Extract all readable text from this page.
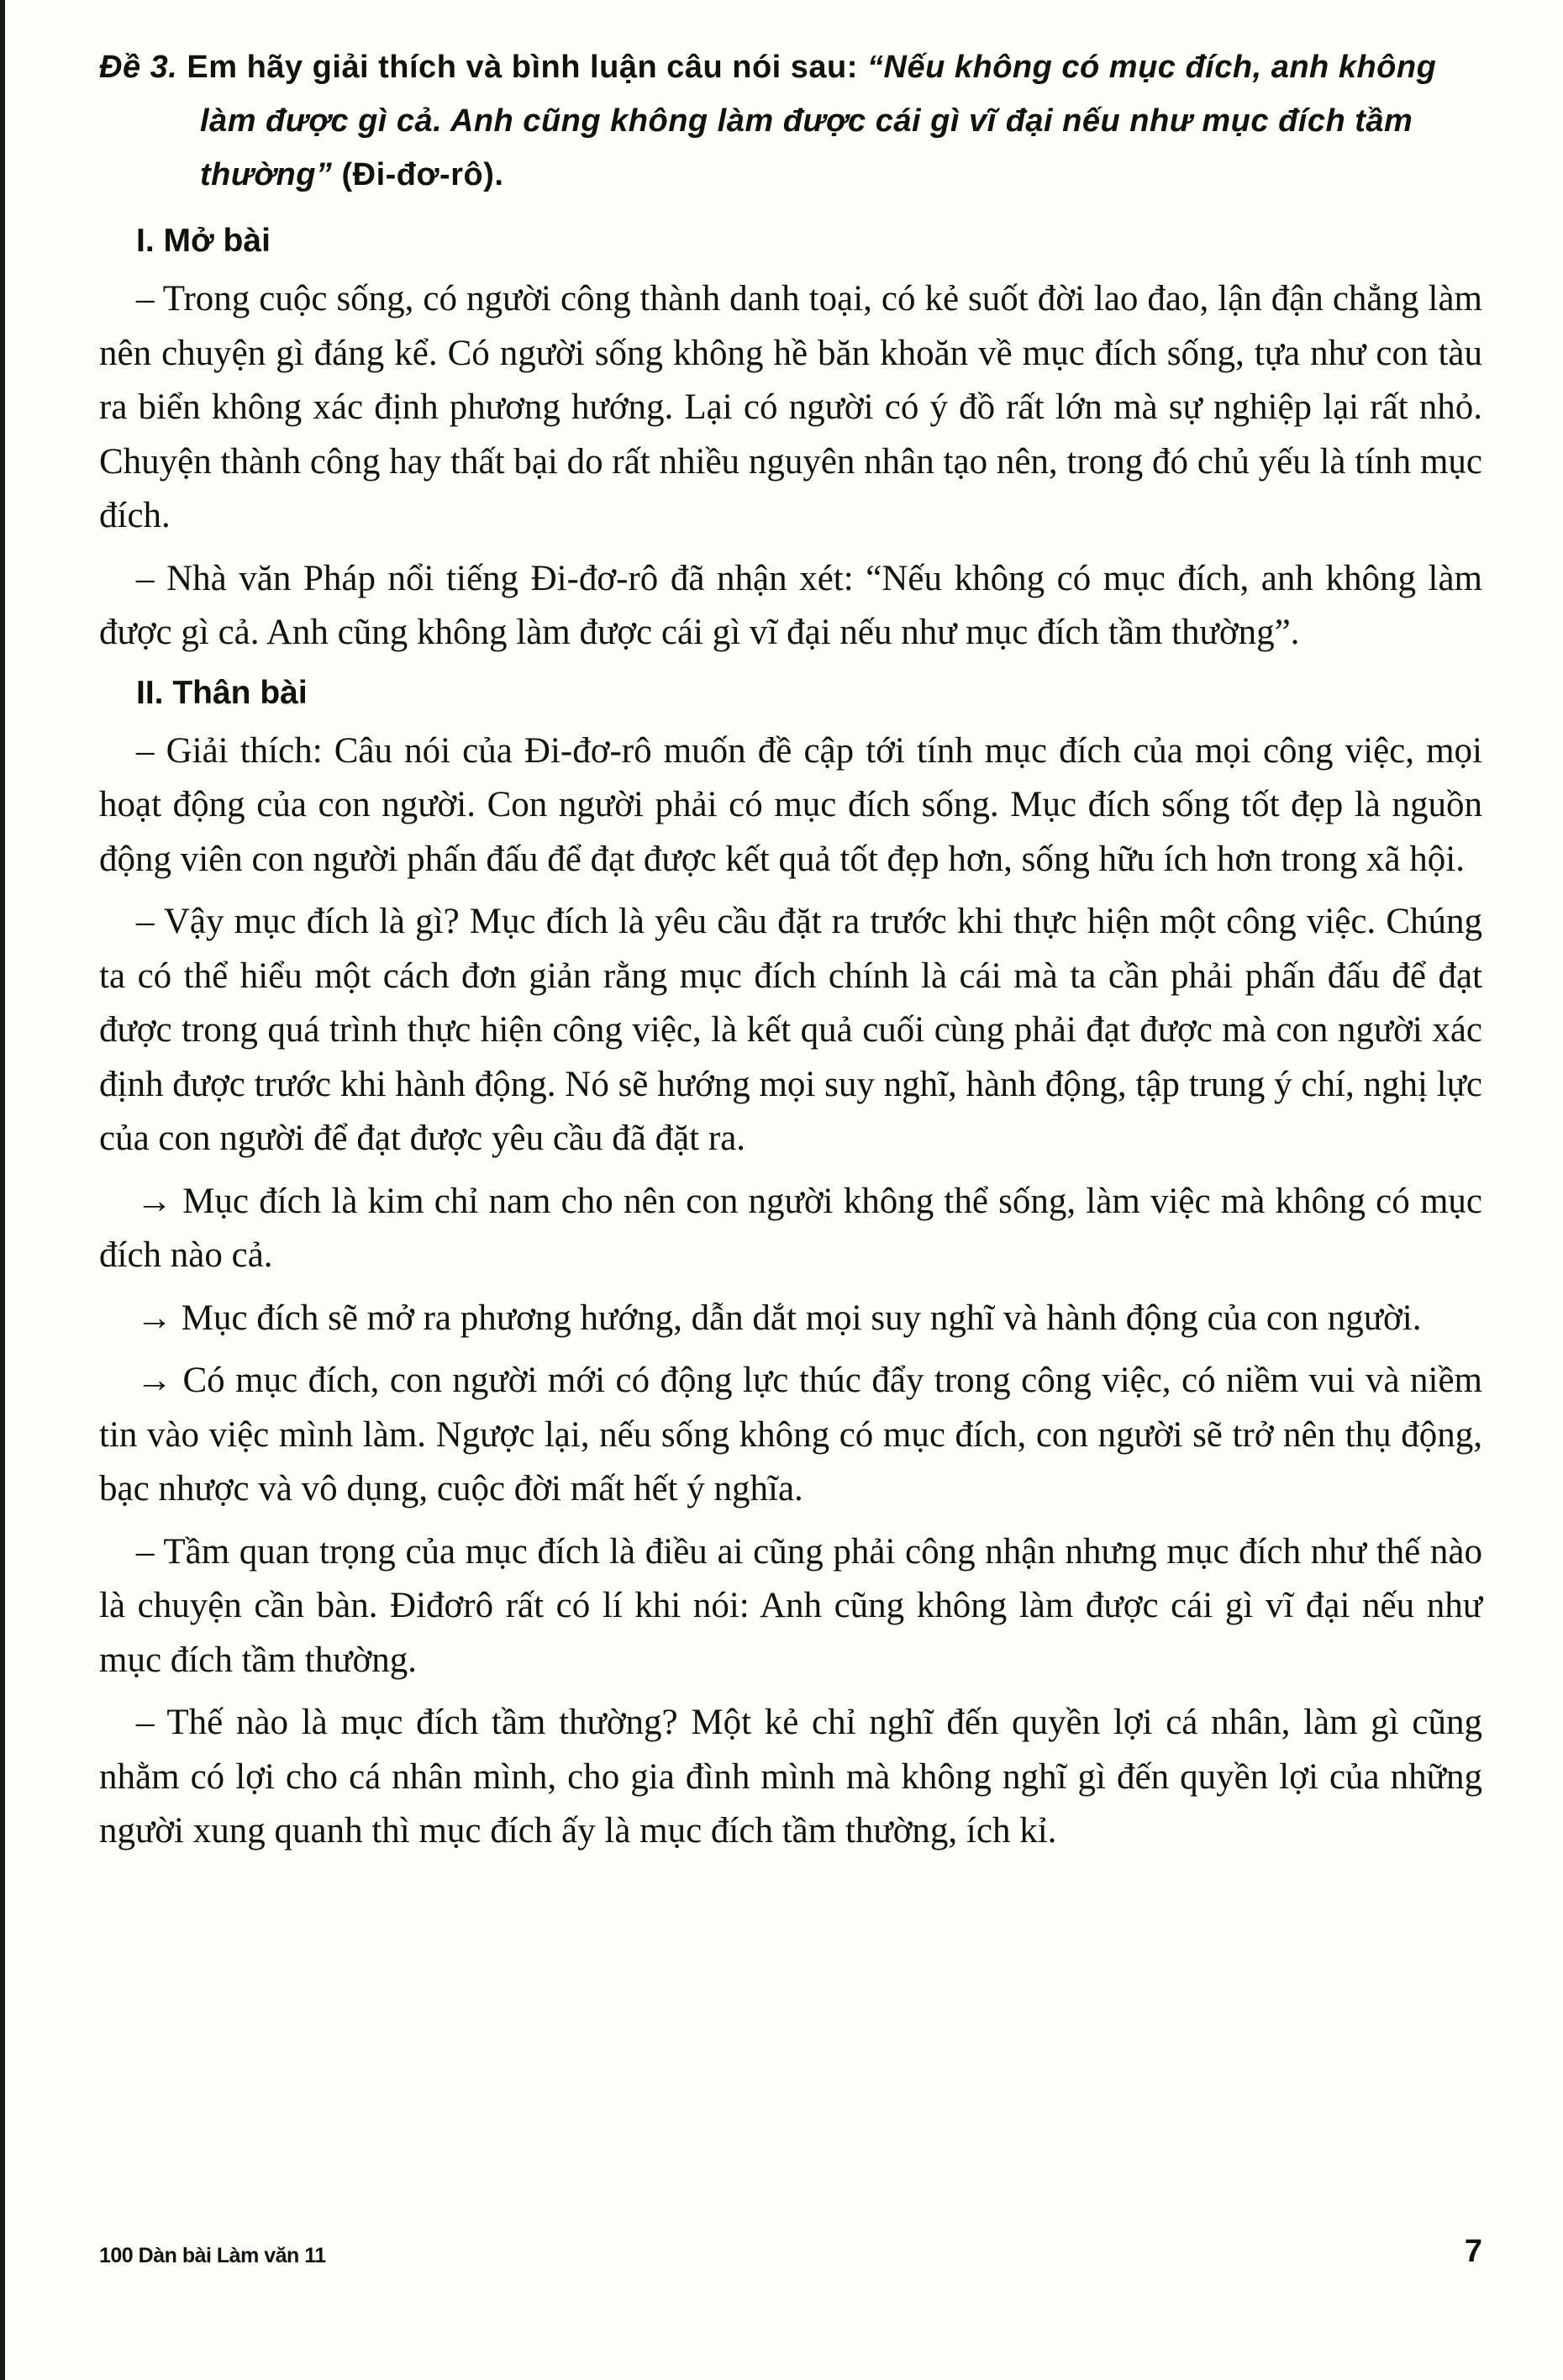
Đề 3. Em hãy giải thích và bình luận câu nói sau: “Nếu không có mục đích, anh không làm được gì cả. Anh cũng không làm được cái gì vĩ đại nếu như mục đích tầm thường” (Đi-đơ-rô).

I. Mở bài

– Trong cuộc sống, có người công thành danh toại, có kẻ suốt đời lao đao, lận đận chẳng làm nên chuyện gì đáng kể. Có người sống không hề băn khoăn về mục đích sống, tựa như con tàu ra biển không xác định phương hướng. Lại có người có ý đồ rất lớn mà sự nghiệp lại rất nhỏ. Chuyện thành công hay thất bại do rất nhiều nguyên nhân tạo nên, trong đó chủ yếu là tính mục đích.

– Nhà văn Pháp nổi tiếng Đi-đơ-rô đã nhận xét: “Nếu không có mục đích, anh không làm được gì cả. Anh cũng không làm được cái gì vĩ đại nếu như mục đích tầm thường”.

II. Thân bài

– Giải thích: Câu nói của Đi-đơ-rô muốn đề cập tới tính mục đích của mọi công việc, mọi hoạt động của con người. Con người phải có mục đích sống. Mục đích sống tốt đẹp là nguồn động viên con người phấn đấu để đạt được kết quả tốt đẹp hơn, sống hữu ích hơn trong xã hội.

– Vậy mục đích là gì? Mục đích là yêu cầu đặt ra trước khi thực hiện một công việc. Chúng ta có thể hiểu một cách đơn giản rằng mục đích chính là cái mà ta cần phải phấn đấu để đạt được trong quá trình thực hiện công việc, là kết quả cuối cùng phải đạt được mà con người xác định được trước khi hành động. Nó sẽ hướng mọi suy nghĩ, hành động, tập trung ý chí, nghị lực của con người để đạt được yêu cầu đã đặt ra.

→ Mục đích là kim chỉ nam cho nên con người không thể sống, làm việc mà không có mục đích nào cả.

→ Mục đích sẽ mở ra phương hướng, dẫn dắt mọi suy nghĩ và hành động của con người.

→ Có mục đích, con người mới có động lực thúc đẩy trong công việc, có niềm vui và niềm tin vào việc mình làm. Ngược lại, nếu sống không có mục đích, con người sẽ trở nên thụ động, bạc nhược và vô dụng, cuộc đời mất hết ý nghĩa.

– Tầm quan trọng của mục đích là điều ai cũng phải công nhận nhưng mục đích như thế nào là chuyện cần bàn. Điđơrô rất có lí khi nói: Anh cũng không làm được cái gì vĩ đại nếu như mục đích tầm thường.

– Thế nào là mục đích tầm thường? Một kẻ chỉ nghĩ đến quyền lợi cá nhân, làm gì cũng nhằm có lợi cho cá nhân mình, cho gia đình mình mà không nghĩ gì đến quyền lợi của những người xung quanh thì mục đích ấy là mục đích tầm thường, ích kỉ.

100 Dàn bài Làm văn 11	7
